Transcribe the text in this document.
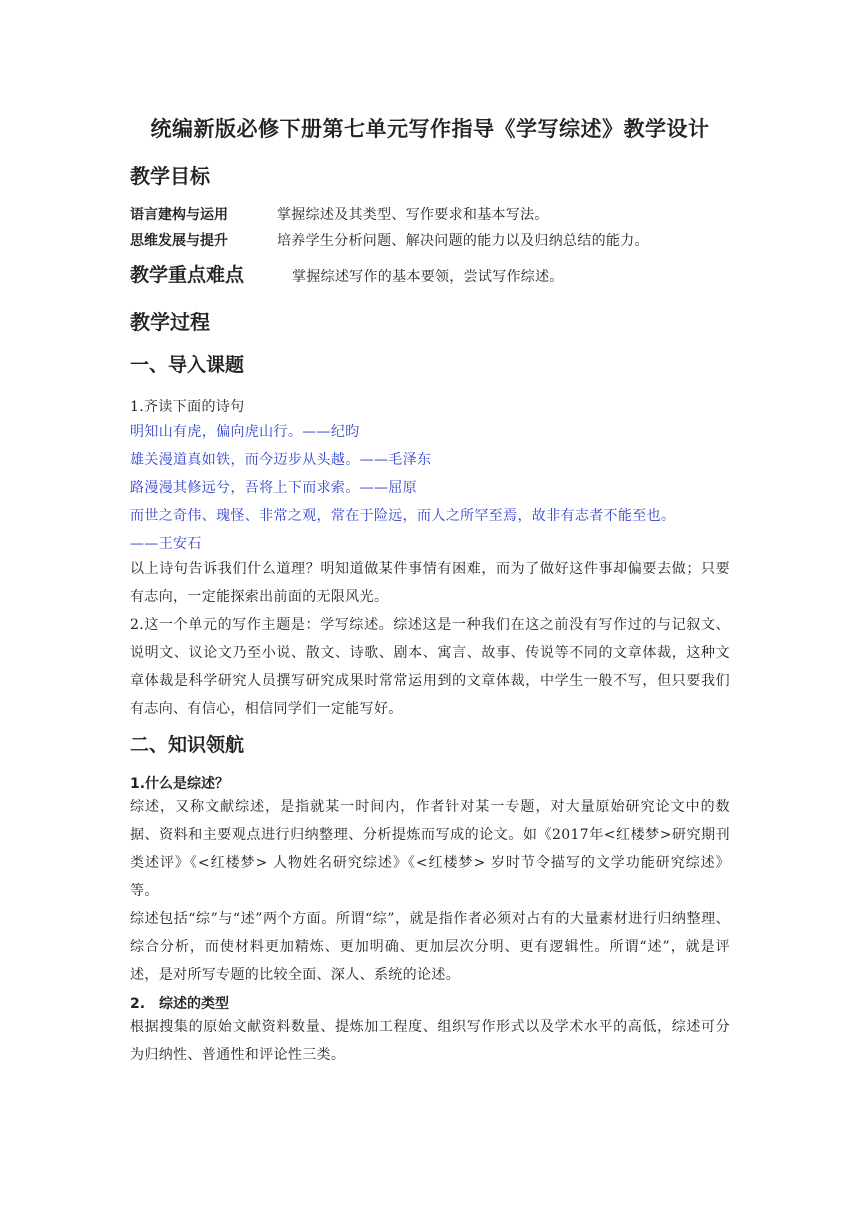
统编新版必修下册第七单元写作指导《学写综述》教学设计
教学目标
语言建构与运用	掌握综述及其类型、写作要求和基本写法。
思维发展与提升	培养学生分析问题、解决问题的能力以及归纳总结的能力。
教学重点难点	掌握综述写作的基本要领，尝试写作综述。
教学过程
一、导入课题
1.齐读下面的诗句
明知山有虎，偏向虎山行。——纪昀
雄关漫道真如铁，而今迈步从头越。——毛泽东
路漫漫其修远兮，吾将上下而求索。——屈原
而世之奇伟、瑰怪、非常之观，常在于险远，而人之所罕至焉，故非有志者不能至也。
——王安石
以上诗句告诉我们什么道理？明知道做某件事情有困难，而为了做好这件事却偏要去做；只要有志向，一定能探索出前面的无限风光。
2.这一个单元的写作主题是：学写综述。综述这是一种我们在这之前没有写作过的与记叙文、说明文、议论文乃至小说、散文、诗歌、剧本、寓言、故事、传说等不同的文章体裁，这种文章体裁是科学研究人员撰写研究成果时常常运用到的文章体裁，中学生一般不写，但只要我们有志向、有信心，相信同学们一定能写好。
二、知识领航
1.什么是综述？
综述，又称文献综述，是指就某一时间内，作者针对某一专题，对大量原始研究论文中的数据、资料和主要观点进行归纳整理、分析提炼而写成的论文。如《2017年<红楼梦>研究期刊类述评》《<红楼梦> 人物姓名研究综述》《<红楼梦> 岁时节令描写的文学功能研究综述》等。
综述包括“综”与“述”两个方面。所谓“综”，就是指作者必须对占有的大量素材进行归纳整理、综合分析，而使材料更加精炼、更加明确、更加层次分明、更有逻辑性。所谓“述”，就是评述，是对所写专题的比较全面、深人、系统的论述。
2.　综述的类型
根据搜集的原始文献资料数量、提炼加工程度、组织写作形式以及学术水平的高低，综述可分为归纳性、普通性和评论性三类。
